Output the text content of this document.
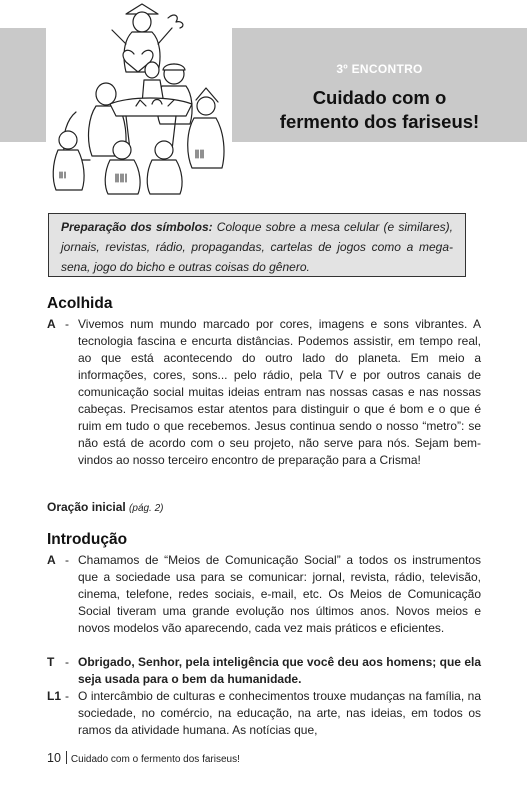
3º ENCONTRO
Cuidado com o
fermento dos fariseus!
Preparação dos símbolos: Coloque sobre a mesa celular (e similares), jornais, revistas, rádio, propagandas, cartelas de jogos como a mega-sena, jogo do bicho e outras coisas do gênero.
Acolhida
A - Vivemos num mundo marcado por cores, imagens e sons vibrantes. A tecnologia fascina e encurta distâncias. Podemos assistir, em tempo real, ao que está acontecendo do outro lado do planeta. Em meio a informações, cores, sons... pelo rádio, pela TV e por outros canais de comunicação social muitas ideias entram nas nossas casas e nas nossas cabeças. Precisamos estar atentos para distinguir o que é bom e o que é ruim em tudo o que recebemos. Jesus continua sendo o nosso “metro”: se não está de acordo com o seu projeto, não serve para nós. Sejam bem-vindos ao nosso terceiro encontro de preparação para a Crisma!
Oração inicial (pág. 2)
Introdução
A - Chamamos de “Meios de Comunicação Social” a todos os instrumentos que a sociedade usa para se comunicar: jornal, revista, rádio, televisão, cinema, telefone, redes sociais, e-mail, etc. Os Meios de Comunicação Social tiveram uma grande evolução nos últimos anos. Novos meios e novos modelos vão aparecendo, cada vez mais práticos e eficientes.
T - Obrigado, Senhor, pela inteligência que você deu aos homens; que ela seja usada para o bem da humanidade.
L1 - O intercâmbio de culturas e conhecimentos trouxe mudanças na família, na sociedade, no comércio, na educação, na arte, nas ideias, em todos os ramos da atividade humana. As notícias que,
10 Cuidado com o fermento dos fariseus!
